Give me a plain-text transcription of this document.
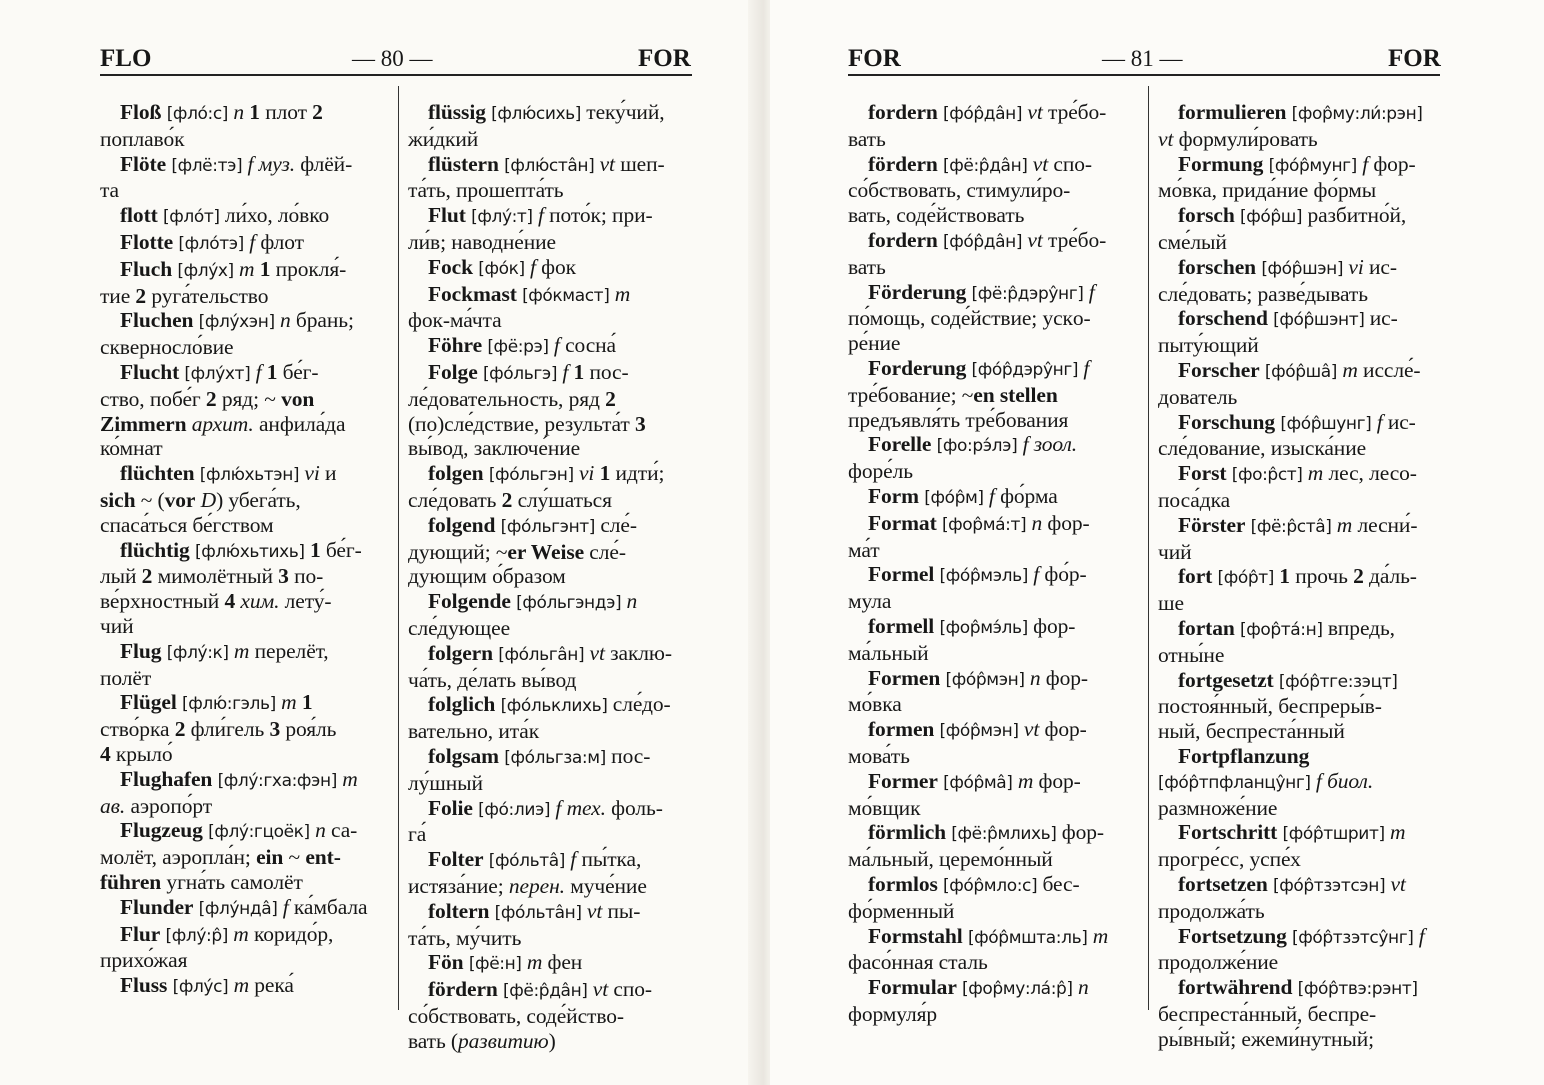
FLO	— 80 —	FOR
Floß [фло́:с] n 1 плот 2
поплаво́к
Flöte [флё:тэ] f муз. флёй-
та
flott [фло́т] ли́хо, ло́вко
Flotte [фло́тэ] f флот
Fluch [флу́х] m 1 прокля́-
тие 2 руга́тельство
Fluchen [флу́хэн] n брань;
сквернoсло́вие
Flucht [флу́хт] f 1 бе́г-
ство, побе́г 2 ряд; ~ von
Zimmern архит. анфила́да
ко́мнат
flüchten [флю́хьтэн] vi и
sich ~ (vor D) убега́ть,
спаса́ться бе́гством
flüchtig [флю́хьтихь] 1 бе́г-
лый 2 мимолётный 3 по-
ве́рхностный 4 хим. лету́-
чий
Flug [флу́:к] m перелёт,
полёт
Flügel [флю́:гэль] m 1
ство́рка 2 фли́гель 3 роя́ль
4 крыло́
Flughafen [флу́:гха:фэн] m
ав. аэропо́рт
Flugzeug [флу́:гцоёк] n са-
молёт, аэропла́н; ein ~ ent-
führen угна́ть самолёт
Flunder [флу́ндâ] f ка́мбала
Flur [флу́:р̂] m коридо́р,
прихо́жая
Fluss [флу́с] m река́
flüssig [флю́сихь] теку́чий,
жи́дкий
flüstern [флю́стâн] vt шеп-
та́ть, прошепта́ть
Flut [флу́:т] f пото́к; при-
ли́в; наводне́ние
Fock [фо́к] f фок
Fockmast [фо́кмаст] m
фок-ма́чта
Föhre [фё:рэ] f сосна́
Folge [фо́льгэ] f 1 пос-
ле́довательность, ряд 2
(по)сле́дствие, результа́т 3
вы́вод, заключе́ние
folgen [фо́льгэн] vi 1 идти́;
сле́довать 2 слу́шаться
folgend [фо́льгэнт] сле́-
дующий; ~er Weise сле́-
дующим о́бразом
Folgende [фо́льгэндэ] n
сле́дующее
folgern [фо́льгâн] vt заклю-
ча́ть, де́лать вы́вод
folglich [фо́льклихь] сле́до-
вательно, ита́к
folgsam [фо́льгза:м] пос-
лу́шный
Folie [фо́:лиэ] f тех. фоль-
га́
Folter [фо́льтâ] f пы́тка,
истяза́ние; перен. муче́ние
foltern [фо́льтâн] vt пы-
та́ть, му́чить
Fön [фё:н] m фен
fördern [фё:р̂дâн] vt спо-
со́бствовать, соде́йство-
вать (развитию)
FOR	— 81 —	FOR
fordern [фо́р̂дâн] vt тре́бо-
вать
fördern [фё:р̂дâн] vt спо-
со́бствовать, стимули́ро-
вать, соде́йствовать
fordern [фо́р̂дâн] vt тре́бо-
вать
Förderung [фё:р̂дэру̂нг] f
по́мощь, соде́йствие; ускo-
ре́ние
Forderung [фо́р̂дэру̂нг] f
тре́бование; ~en stellen
предъявля́ть тре́бования
Forelle [фо:рэ́лэ] f зоол.
форе́ль
Form [фо́р̂м] f фо́рма
Format [фор̂ма́:т] n фор-
ма́т
Formel [фо́р̂мэль] f фо́р-
мула
formell [фор̂мэ́ль] фор-
ма́льный
Formen [фо́р̂мэн] n фор-
мо́вка
formen [фо́р̂мэн] vt фор-
мова́ть
Former [фо́р̂мâ] m фор-
мо́вщик
förmlich [фё:р̂млихь] фор-
ма́льный, церемо́нный
formlos [фо́р̂мло:с] бес-
фо́рменный
Formstahl [фо́р̂мшта:ль] m
фасо́нная сталь
Formular [фор̂му:ла́:р̂] n
формуля́р
formulieren [фор̂му:ли́:рэн]
vt формули́ровать
Formung [фо́р̂мунг] f фор-
мо́вка, прида́ние фо́рмы
forsch [фо́р̂ш] разбитно́й,
сме́лый
forschen [фо́р̂шэн] vi ис-
сле́довать; разве́дывать
forschend [фо́р̂шэнт] ис-
пыту́ющий
Forscher [фо́р̂шâ] m иссле́-
дователь
Forschung [фо́р̂шунг] f ис-
сле́дование, изыска́ние
Forst [фо:р̂ст] m лес, лесо-
поса́дка
Förster [фё:р̂стâ] m лесни́-
чий
fort [фо́р̂т] 1 прочь 2 да́ль-
ше
fortan [фор̂та́:н] впредь,
отны́не
fortgesetzt [фо́р̂тге:зэцт]
постоя́нный, беспреры́в-
ный, беспреста́нный
Fortpflanzung
[фо́р̂тпфланцу̂нг] f биол.
размноже́ние
Fortschritt [фо́р̂тшрит] m
прогре́сс, успе́х
fortsetzen [фо́р̂тзэтсэн] vt
продолжа́ть
Fortsetzung [фо́р̂тзэтсу̂нг] f
продолже́ние
fortwährend [фо́р̂твэ:рэнт]
беспреста́нный, беспре-
ры́вный; ежеми́нутный;
